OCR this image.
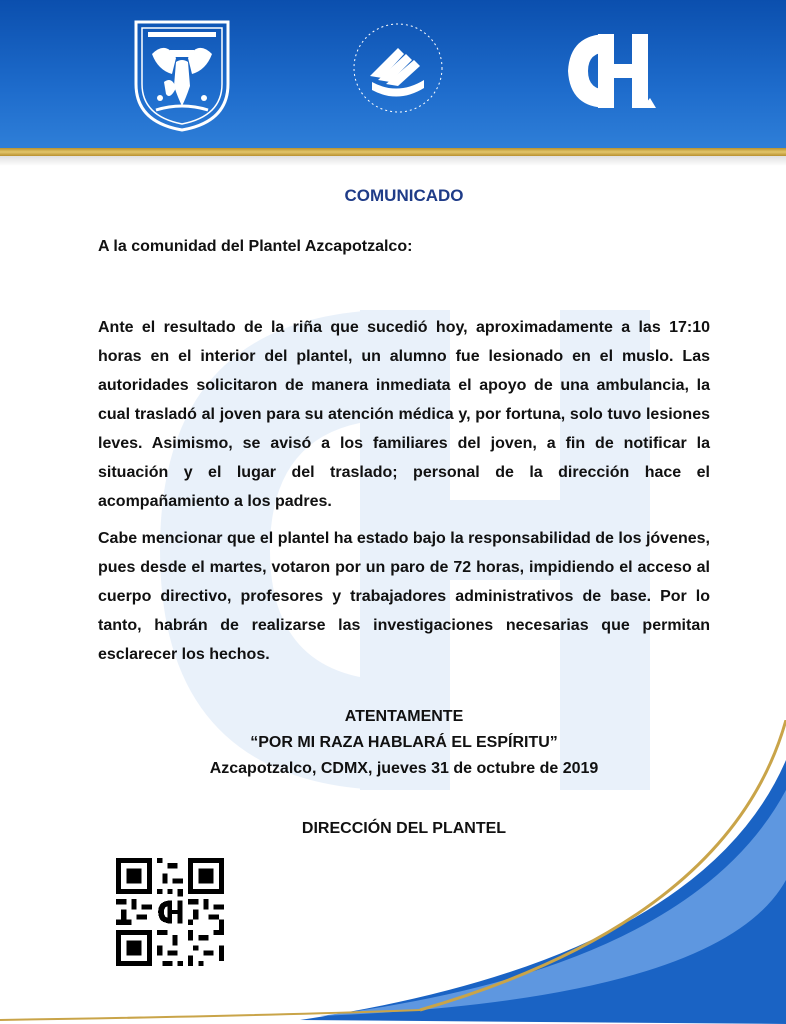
COMUNICADO
A la comunidad del Plantel Azcapotzalco:
Ante el resultado de la riña que sucedió hoy, aproximadamente a las 17:10 horas en el interior del plantel, un alumno fue lesionado en el muslo. Las autoridades solicitaron de manera inmediata el apoyo de una ambulancia, la cual trasladó al joven para su atención médica y, por fortuna, solo tuvo lesiones leves. Asimismo, se avisó a los familiares del joven, a fin de notificar la situación y el lugar del traslado; personal de la dirección hace el acompañamiento a los padres.
Cabe mencionar que el plantel ha estado bajo la responsabilidad de los jóvenes, pues desde el martes, votaron por un paro de 72 horas, impidiendo el acceso al cuerpo directivo, profesores y trabajadores administrativos de base. Por lo tanto, habrán de realizarse las investigaciones necesarias que permitan esclarecer los hechos.
ATENTAMENTE
“POR MI RAZA HABLARÁ EL ESPÍRITU”
Azcapotzalco, CDMX, jueves 31 de octubre de 2019
DIRECCIÓN DEL PLANTEL
